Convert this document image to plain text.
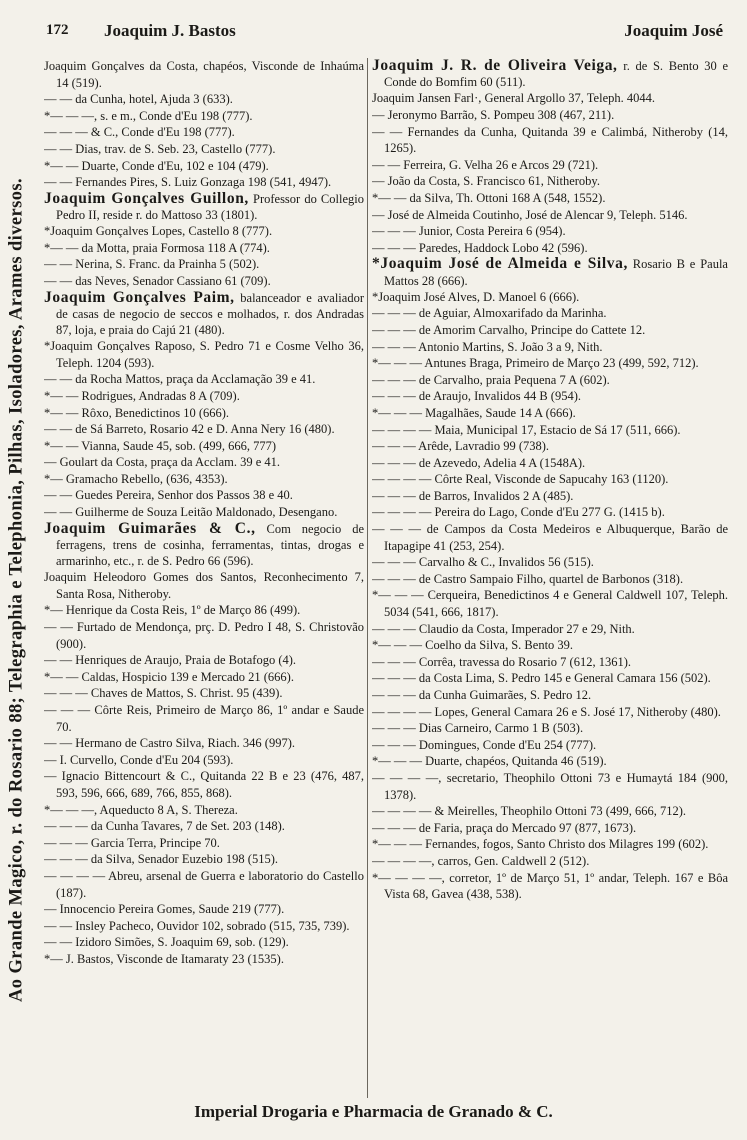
Ao Grande Magico, r. do Rosario 88; Telegraphia e Telephonia, Pilhas, Isoladores, Arames diversos.
172 Joaquim J. Bastos	Joaquim José
Joaquim Gonçalves da Costa, chapéos, Visconde de Inhaúma 14 (519).
— — da Cunha, hotel, Ajuda 3 (633).
*— — —, s. e m., Conde d'Eu 198 (777).
— — — & C., Conde d'Eu 198 (777).
— — Dias, trav. de S. Seb. 23, Castello (777).
*— — Duarte, Conde d'Eu, 102 e 104 (479).
— — Fernandes Pires, S. Luiz Gonzaga 198 (541, 4947).
Joaquim Gonçalves Guillon, Professor do Collegio Pedro II, reside r. do Mattoso 33 (1801).
*Joaquim Gonçalves Lopes, Castello 8 (777).
*— — da Motta, praia Formosa 118 A (774).
— — Nerina, S. Franc. da Prainha 5 (502).
— — das Neves, Senador Cassiano 61 (709).
Joaquim Gonçalves Paim, balanceador e avaliador de casas de negocio de seccos e molhados, r. dos Andradas 87, loja, e praia do Cajú 21 (480).
*Joaquim Gonçalves Raposo, S. Pedro 71 e Cosme Velho 36, Teleph. 1204 (593).
— — da Rocha Mattos, praça da Acclamação 39 e 41.
*— — Rodrigues, Andradas 8 A (709).
*— — Rôxo, Benedictinos 10 (666).
— — de Sá Barreto, Rosario 42 e D. Anna Nery 16 (480).
*— — Vianna, Saude 45, sob. (499, 666, 777)
— Goulart da Costa, praça da Acclam. 39 e 41.
*— Gramacho Rebello, (636, 4353).
— — Guedes Pereira, Senhor dos Passos 38 e 40.
— — Guilherme de Souza Leitão Maldonado, Desengano.
Joaquim Guimarães & C., Com negocio de ferragens, trens de cosinha, ferramentas, tintas, drogas e armarinho, etc., r. de S. Pedro 66 (596).
Joaquim Heleodoro Gomes dos Santos, Reconhecimento 7, Santa Rosa, Nitheroby.
*— Henrique da Costa Reis, 1º de Março 86 (499).
— — Furtado de Mendonça, prç. D. Pedro I 48, S. Christovão (900).
— — Henriques de Araujo, Praia de Botafogo (4).
*— — Caldas, Hospicio 139 e Mercado 21 (666).
— — — Chaves de Mattos, S. Christ. 95 (439).
— — — Côrte Reis, Primeiro de Março 86, 1º andar e Saude 70.
— — Hermano de Castro Silva, Riach. 346 (997).
— I. Curvello, Conde d'Eu 204 (593).
— Ignacio Bittencourt & C., Quitanda 22 B e 23 (476, 487, 593, 596, 666, 689, 766, 855, 868).
*— — —, Aqueducto 8 A, S. Thereza.
— — — da Cunha Tavares, 7 de Set. 203 (148).
— — — Garcia Terra, Principe 70.
— — — da Silva, Senador Euzebio 198 (515).
— — — — Abreu, arsenal de Guerra e laboratorio do Castello (187).
— Innocencio Pereira Gomes, Saude 219 (777).
— — Insley Pacheco, Ouvidor 102, sobrado (515, 735, 739).
— — Izidoro Simões, S. Joaquim 69, sob. (129).
*— J. Bastos, Visconde de Itamaraty 23 (1535).
Joaquim J. R. de Oliveira Veiga, r. de S. Bento 30 e Conde do Bomfim 60 (511).
Joaquim Jansen Farl·, General Argollo 37, Teleph. 4044.
— Jeronymo Barrão, S. Pompeu 308 (467, 211).
— — Fernandes da Cunha, Quitanda 39 e Calimbá, Nitheroby (14, 1265).
— — Ferreira, G. Velha 26 e Arcos 29 (721).
— João da Costa, S. Francisco 61, Nitheroby.
*— — da Silva, Th. Ottoni 168 A (548, 1552).
— José de Almeida Coutinho, José de Alencar 9, Teleph. 5146.
— — — Junior, Costa Pereira 6 (954).
— — — Paredes, Haddock Lobo 42 (596).
*Joaquim José de Almeida e Silva, Rosario B e Paula Mattos 28 (666).
*Joaquim José Alves, D. Manoel 6 (666).
— — — de Aguiar, Almoxarifado da Marinha.
— — — de Amorim Carvalho, Principe do Cattete 12.
— — — Antonio Martins, S. João 3 a 9, Nith.
*— — — Antunes Braga, Primeiro de Março 23 (499, 592, 712).
— — — de Carvalho, praia Pequena 7 A (602).
— — — de Araujo, Invalidos 44 B (954).
*— — — Magalhães, Saude 14 A (666).
— — — — Maia, Municipal 17, Estacio de Sá 17 (511, 666).
— — — Arêde, Lavradio 99 (738).
— — — de Azevedo, Adelia 4 A (1548A).
— — — — Côrte Real, Visconde de Sapucahy 163 (1120).
— — — de Barros, Invalidos 2 A (485).
— — — — Pereira do Lago, Conde d'Eu 277 G. (1415 b).
— — — de Campos da Costa Medeiros e Albuquerque, Barão de Itapagipe 41 (253, 254).
— — — Carvalho & C., Invalidos 56 (515).
— — — de Castro Sampaio Filho, quartel de Barbonos (318).
*— — — Cerqueira, Benedictinos 4 e General Caldwell 107, Teleph. 5034 (541, 666, 1817).
— — — Claudio da Costa, Imperador 27 e 29, Nith.
*— — — Coelho da Silva, S. Bento 39.
— — — Corrêa, travessa do Rosario 7 (612, 1361).
— — — da Costa Lima, S. Pedro 145 e General Camara 156 (502).
— — — da Cunha Guimarães, S. Pedro 12.
— — — — Lopes, General Camara 26 e S. José 17, Nitheroby (480).
— — — Dias Carneiro, Carmo 1 B (503).
— — — Domingues, Conde d'Eu 254 (777).
*— — — Duarte, chapéos, Quitanda 46 (519).
— — — —, secretario, Theophilo Ottoni 73 e Humaytá 184 (900, 1378).
— — — — & Meirelles, Theophilo Ottoni 73 (499, 666, 712).
— — — de Faria, praça do Mercado 97 (877, 1673).
*— — — Fernandes, fogos, Santo Christo dos Milagres 199 (602).
— — — —, carros, Gen. Caldwell 2 (512).
*— — — —, corretor, 1º de Março 51, 1º andar, Teleph. 167 e Bôa Vista 68, Gavea (438, 538).
Imperial Drogaria e Pharmacia de Granado & C.
